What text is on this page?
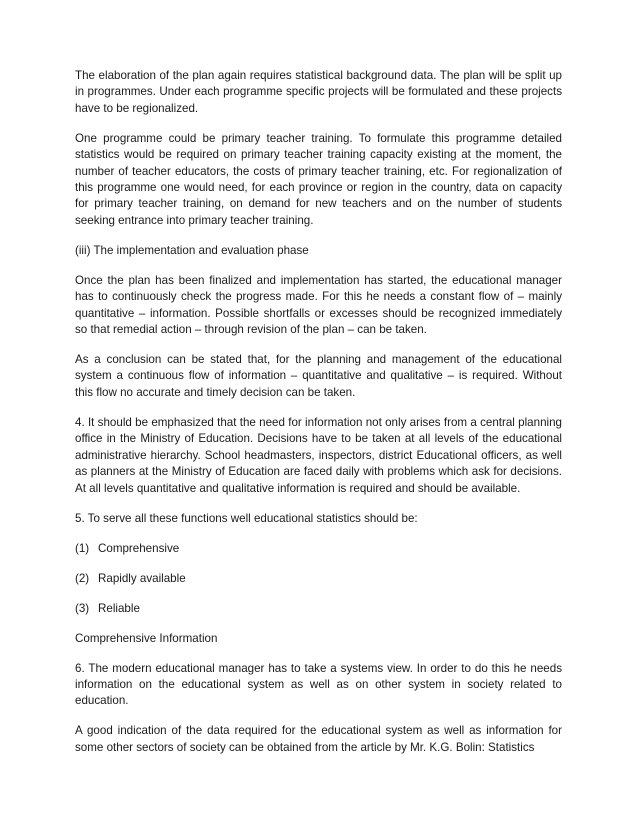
The elaboration of the plan again requires statistical background data. The plan will be split up in programmes. Under each programme specific projects will be formulated and these projects have to be regionalized.

One programme could be primary teacher training. To formulate this programme detailed statistics would be required on primary teacher training capacity existing at the moment, the number of teacher educators, the costs of primary teacher training, etc. For regionalization of this programme one would need, for each province or region in the country, data on capacity for primary teacher training, on demand for new teachers and on the number of students seeking entrance into primary teacher training.

(iii) The implementation and evaluation phase

Once the plan has been finalized and implementation has started, the educational manager has to continuously check the progress made. For this he needs a constant flow of – mainly quantitative – information. Possible shortfalls or excesses should be recognized immediately so that remedial action – through revision of the plan – can be taken.

As a conclusion can be stated that, for the planning and management of the educational system a continuous flow of information – quantitative and qualitative – is required. Without this flow no accurate and timely decision can be taken.

4. It should be emphasized that the need for information not only arises from a central planning office in the Ministry of Education. Decisions have to be taken at all levels of the educational administrative hierarchy. School headmasters, inspectors, district Educational officers, as well as planners at the Ministry of Education are faced daily with problems which ask for decisions. At all levels quantitative and qualitative information is required and should be available.

5. To serve all these functions well educational statistics should be:

(1) Comprehensive
(2) Rapidly available
(3) Reliable

Comprehensive Information

6. The modern educational manager has to take a systems view. In order to do this he needs information on the educational system as well as on other system in society related to education.

A good indication of the data required for the educational system as well as information for some other sectors of society can be obtained from the article by Mr. K.G. Bolin: Statistics
